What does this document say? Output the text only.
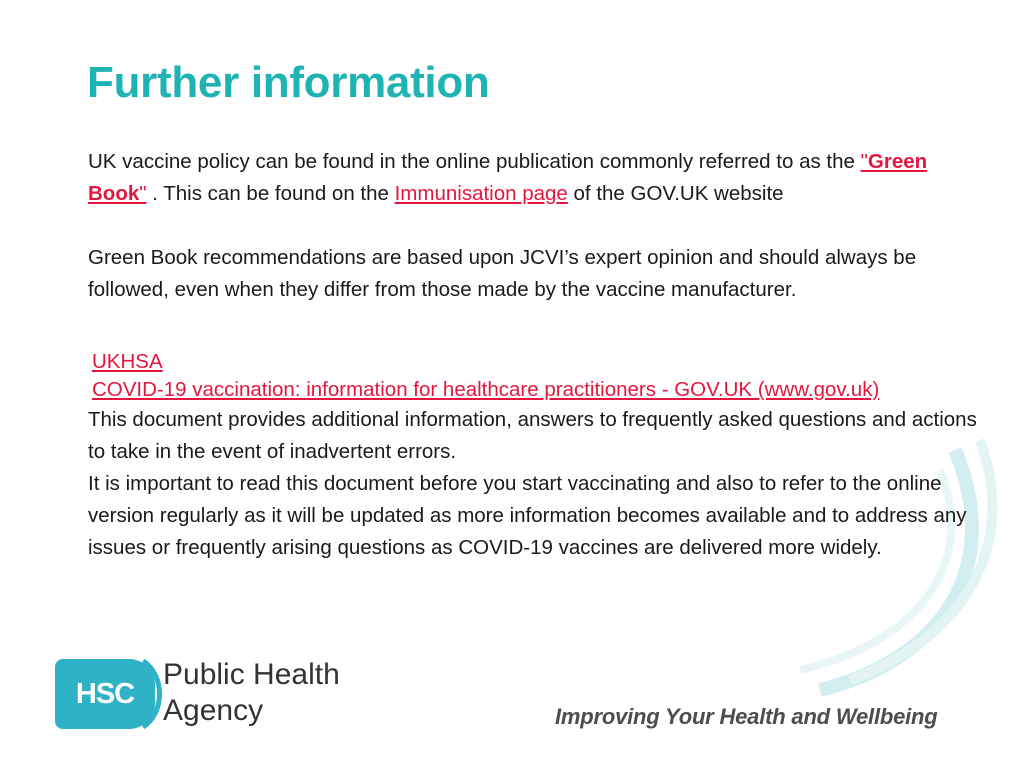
Further information

UK vaccine policy can be found in the online publication commonly referred to as the "Green Book" . This can be found on the Immunisation page of the GOV.UK website

Green Book recommendations are based upon JCVI’s expert opinion and should always be followed, even when they differ from those made by the vaccine manufacturer.

UKHSA
COVID-19 vaccination: information for healthcare practitioners - GOV.UK (www.gov.uk)

This document provides additional information, answers to frequently asked questions and actions to take in the event of inadvertent errors.

It is important to read this document before you start vaccinating and also to refer to the online version regularly as it will be updated as more information becomes available and to address any issues or frequently arising questions as COVID-19 vaccines are delivered more widely.

HSC
Public Health
Agency	Improving Your Health and Wellbeing
